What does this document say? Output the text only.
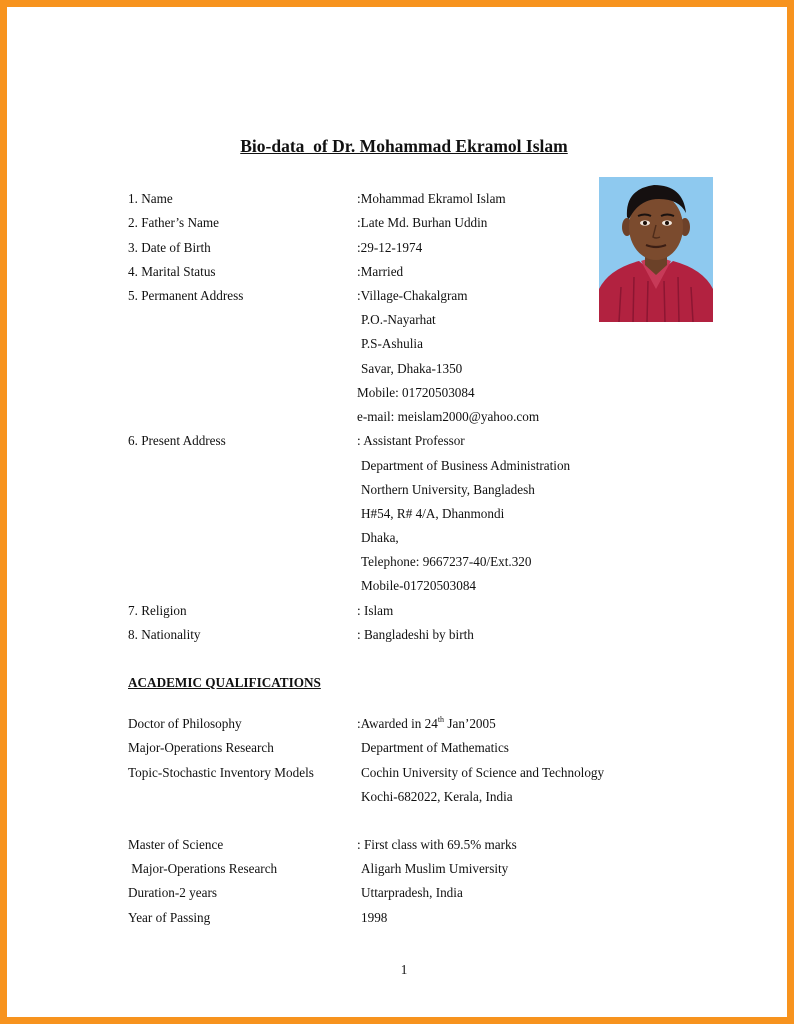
Bio-data  of Dr. Mohammad Ekramol Islam
1. Name	:Mohammad Ekramol Islam
2. Father’s Name	:Late Md. Burhan Uddin
3. Date of Birth	:29-12-1974
4. Marital Status	:Married
5. Permanent Address	:Village-Chakalgram
P.O.-Nayarhat
P.S-Ashulia
Savar, Dhaka-1350
Mobile: 01720503084
e-mail: meislam2000@yahoo.com
6. Present Address	: Assistant Professor
Department of Business Administration
Northern University, Bangladesh
H#54, R# 4/A, Dhanmondi
Dhaka,
Telephone: 9667237-40/Ext.320
Mobile-01720503084
7. Religion	: Islam
8. Nationality	: Bangladeshi by birth
ACADEMIC QUALIFICATIONS
Doctor of Philosophy	:Awarded in 24th Jan’2005
Major-Operations Research	Department of Mathematics
Topic-Stochastic Inventory Models	Cochin University of Science and Technology
Kochi-682022, Kerala, India
Master of Science	: First class with 69.5% marks
Major-Operations Research	Aligarh Muslim Umiversity
Duration-2 years	Uttarpradesh, India
Year of Passing	1998
1
